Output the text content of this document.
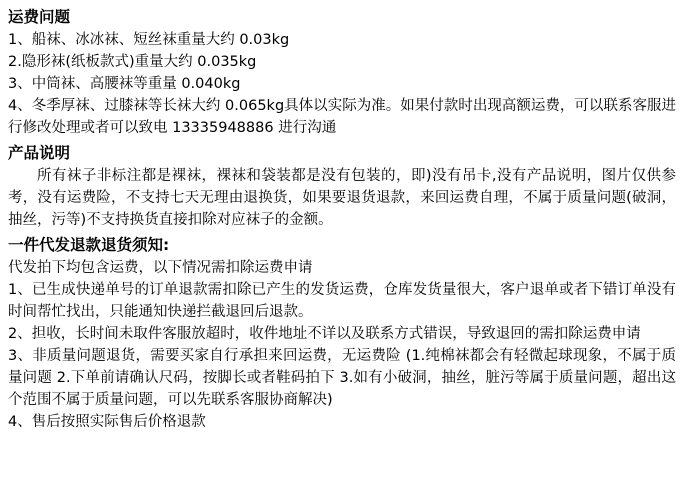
运费问题

1、船袜、冰冰袜、短丝袜重量大约 0.03kg

2.隐形袜(纸板款式)重量大约 0.035kg

3、中筒袜、高腰袜等重量 0.040kg

4、冬季厚袜、过膝袜等长袜大约 0.065kg具体以实际为准。如果付款时出现高额运费，可以联系客服进行修改处理或者可以致电 13335948886 进行沟通

产品说明

所有袜子非标注都是裸袜，裸袜和袋装都是没有包装的，即)没有吊卡,没有产品说明，图片仅供参考，没有运费险，不支持七天无理由退换货，如果要退货退款，来回运费自理，不属于质量问题(破洞，抽丝，污等)不支持换货直接扣除对应袜子的金额。

一件代发退款退货须知:

代发拍下均包含运费，以下情况需扣除运费申请

1、已生成快递单号的订单退款需扣除已产生的发货运费，仓库发货量很大，客户退单或者下错订单没有时间帮忙找出，只能通知快递拦截退回后退款。

2、担收，长时间未取件客服放超时，收件地址不详以及联系方式错误，导致退回的需扣除运费申请

3、非质量问题退货，需要买家自行承担来回运费，无运费险 (1.纯棉袜都会有轻微起球现象，不属于质量问题 2.下单前请确认尺码，按脚长或者鞋码拍下 3.如有小破洞，抽丝，脏污等属于质量问题，超出这个范围不属于质量问题，可以先联系客服协商解决)

4、售后按照实际售后价格退款
